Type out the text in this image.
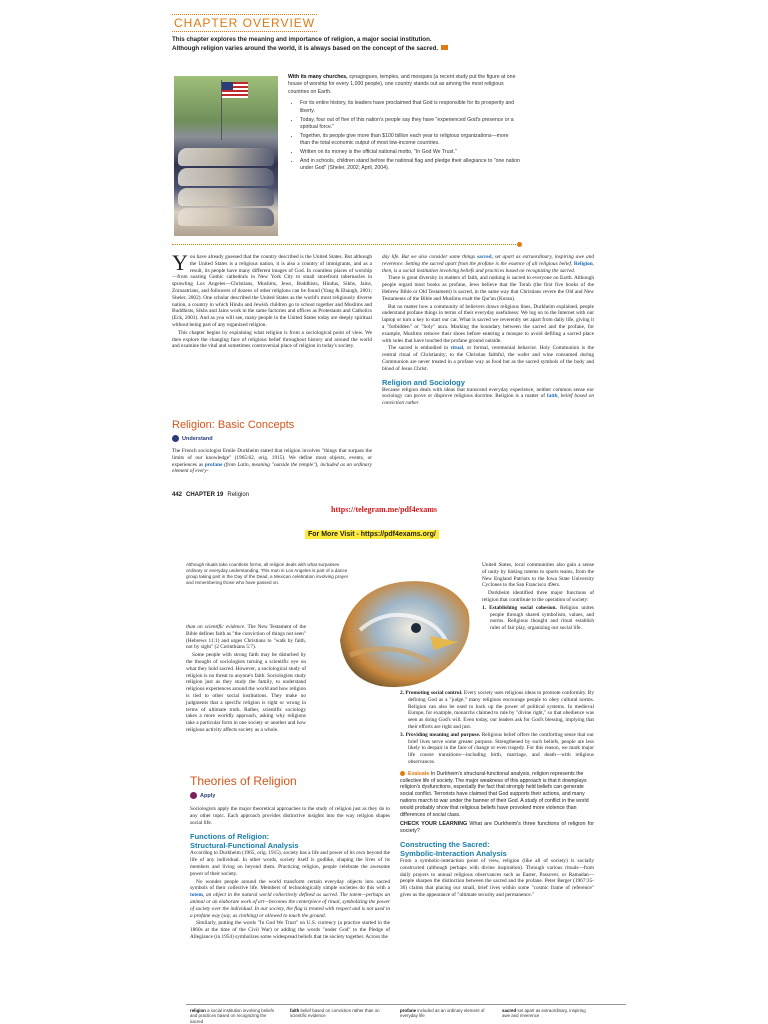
CHAPTER OVERVIEW
This chapter explores the meaning and importance of religion, a major social institution.
Although religion varies around the world, it is always based on the concept of the sacred.
With its many churches, synagogues, temples, and mosques (a recent study put the figure at one house of worship for every 1,000 people), one country stands out as among the most religious countries on Earth.
• For its entire history, its leaders have proclaimed that God is responsible for its prosperity and liberty.
• Today, four out of five of this nation's people say they have "experienced God's presence or a spiritual force."
• Together, its people give more than $100 billion each year to religious organizations—more than the total economic output of most low-income countries.
• Written on its money is the official national motto, "In God We Trust."
• And in schools, children stand before the national flag and pledge their allegiance to "one nation under God" (Sheler, 2002; April, 2004).

You have already guessed that the country described is the United States. But although the United States is a religious nation, it is also a country of immigrants, and as a result, its people have many different images of God. In countless places of worship—from soaring Gothic cathedrals in New York City to small storefront tabernacles in sprawling Los Angeles—Christians, Muslims, Jews, Buddhists, Hindus, Sikhs, Jains, Zoroastrians, and followers of dozens of other religions can be found (Yang & Ebaugh, 2001; Sheler, 2002). One scholar described the United States as the world's most religiously diverse nation, a country in which Hindu and Jewish children go to school together and Muslims and Buddhists, Sikhs and Jains work in the same factories and offices as Protestants and Catholics (Eck, 2001). And as you will see, many people in the United States today are deeply spiritual without being part of any organized religion.

This chapter begins by explaining what religion is from a sociological point of view. We then explore the changing face of religious belief throughout history and around the world and examine the vital and sometimes controversial place of religion in today's society.

Religion: Basic Concepts
Understand

The French sociologist Emile Durkheim stated that religion involves "things that surpass the limits of our knowledge" (1965:62, orig. 1915). We define most objects, events, or experiences as profane (from Latin, meaning "outside the temple"), included as an ordinary element of every-

day life. But we also consider some things sacred, set apart as extraordinary, inspiring awe and reverence. Setting the sacred apart from the profane is the essence of all religious belief. Religion, then, is a social institution involving beliefs and practices based on recognizing the sacred.

There is great diversity in matters of faith, and nothing is sacred to everyone on Earth. Although people regard most books as profane, Jews believe that the Torah (the first five books of the Hebrew Bible or Old Testament) is sacred, in the same way that Christians revere the Old and New Testaments of the Bible and Muslims exalt the Qur'an (Koran).

But no matter how a community of believers draws religious lines, Durkheim explained, people understand profane things in terms of their everyday usefulness: We log on to the Internet with our laptop or turn a key to start our car. What is sacred we reverently set apart from daily life, giving it a "forbidden" or "holy" aura. Marking the boundary between the sacred and the profane, for example, Muslims remove their shoes before entering a mosque to avoid defiling a sacred place with soles that have touched the profane ground outside.

The sacred is embodied in ritual, or formal, ceremonial behavior. Holy Communion is the central ritual of Christianity; to the Christian faithful, the wafer and wine consumed during Communion are never treated in a profane way as food but as the sacred symbols of the body and blood of Jesus Christ.

Religion and Sociology

Because religion deals with ideas that transcend everyday experience, neither common sense nor sociology can prove or disprove religious doctrine. Religion is a matter of faith, belief based on conviction rather

442 CHAPTER 19 Religion
https://telegram.me/pdf4exams
For More Visit - https://pdf4exams.org/
Although rituals take countless forms, all religion deals with what surpasses ordinary or everyday understanding. This man in Los Angeles is part of a dance group taking part in the Day of the Dead, a Mexican celebration involving prayer and remembering those who have passed on.

than on scientific evidence. The New Testament of the Bible defines faith as "the conviction of things not seen" (Hebrews 11:1) and urges Christians to "walk by faith, not by sight" (2 Corinthians 5:7).

Some people with strong faith may be disturbed by the thought of sociologists turning a scientific eye on what they hold sacred. However, a sociological study of religion is no threat to anyone's faith. Sociologists study religion just as they study the family, to understand religious experiences around the world and how religion is tied to other social institutions. They make no judgments that a specific religion is right or wrong in terms of ultimate truth. Rather, scientific sociology takes a more worldly approach, asking why religions take a particular form in one society or another and how religious activity affects society as a whole.

Theories of Religion
Apply

Sociologists apply the major theoretical approaches to the study of religion just as they do to any other topic. Each approach provides distinctive insights into the way religion shapes social life.

Functions of Religion:
Structural-Functional Analysis

According to Durkheim (1965, orig. 1915), society has a life and power of its own beyond the life of any individual. In other words, society itself is godlike, shaping the lives of its members and living on beyond them. Practicing religion, people celebrate the awesome power of their society.

No wonder people around the world transform certain everyday objects into sacred symbols of their collective life. Members of technologically simple societies do this with a totem, an object in the natural world collectively defined as sacred. The totem—perhaps an animal or an elaborate work of art—becomes the centerpiece of ritual, symbolizing the power of society over the individual. In our society, the flag is treated with respect and is not used in a profane way (say, as clothing) or allowed to touch the ground.

Similarly, putting the words "In God We Trust" on U.S. currency (a practice started in the 1860s at the time of the Civil War) or adding the words "under God" to the Pledge of Allegiance (in 1954) symbolizes some widespread beliefs that tie society together. Across the

United States, local communities also gain a sense of unity by linking totems to sports teams, from the New England Patriots to the Iowa State University Cyclones to the San Francisco 49ers.

Durkheim identified three major functions of religion that contribute to the operation of society:

1. Establishing social cohesion. Religion unites people through shared symbolism, values, and norms. Religious thought and ritual establish rules of fair play, organizing our social life.

2. Promoting social control. Every society uses religious ideas to promote conformity. By defining God as a "judge," many religions encourage people to obey cultural norms. Religion can also be used to back up the power of political systems. In medieval Europe, for example, monarchs claimed to rule by "divine right," so that obedience was seen as doing God's will. Even today, our leaders ask for God's blessing, implying that their efforts are right and just.

3. Providing meaning and purpose. Religious belief offers the comforting sense that our brief lives serve some greater purpose. Strengthened by such beliefs, people are less likely to despair in the face of change or even tragedy. For this reason, we mark major life course transitions—including birth, marriage, and death—with religious observances.

Evaluate In Durkheim's structural-functional analysis, religion represents the collective life of society. The major weakness of this approach is that it downplays religion's dysfunctions, especially the fact that strongly held beliefs can generate social conflict. Terrorists have claimed that God supports their actions, and many nations march to war under the banner of their God. A study of conflict in the world would probably show that religious beliefs have provoked more violence than differences of social class.

CHECK YOUR LEARNING What are Durkheim's three functions of religion for society?

Constructing the Sacred:
Symbolic-Interaction Analysis

From a symbolic-interaction point of view, religion (like all of society) is socially constructed (although perhaps with divine inspiration). Through various rituals—from daily prayers to annual religious observances such as Easter, Passover, or Ramadan—people sharpen the distinction between the sacred and the profane. Peter Berger (1967:35-36) claims that placing our small, brief lives within some "cosmic frame of reference" gives us the appearance of "ultimate security and permanence."

religion a social institution involving beliefs and practices based on recognizing the sacred
faith belief based on conviction rather than on scientific evidence
profane included as an ordinary element of everyday life
sacred set apart as extraordinary, inspiring awe and reverence
